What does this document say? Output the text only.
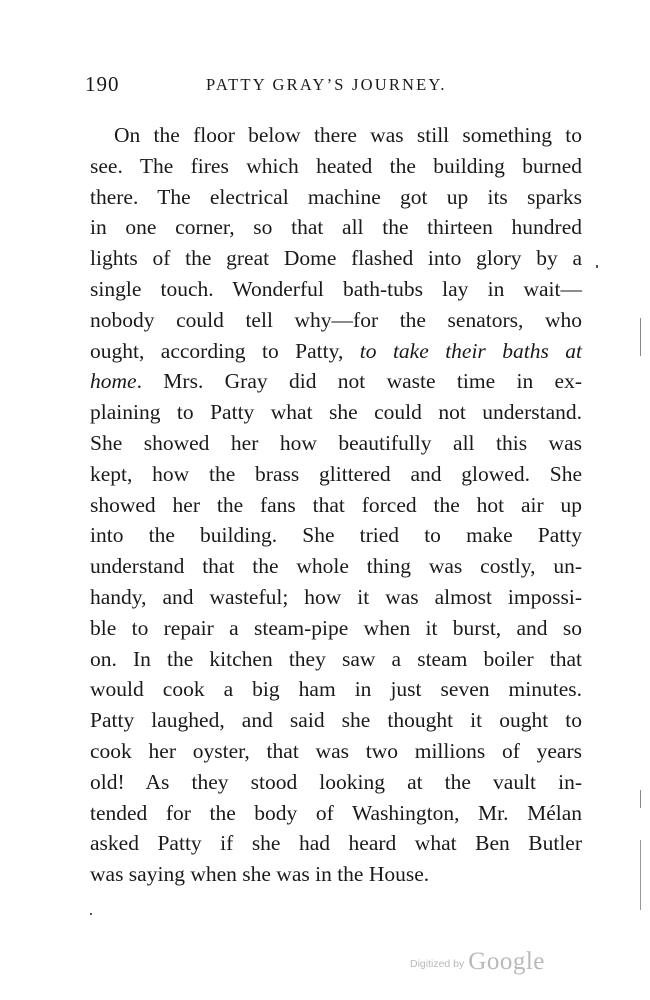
190	PATTY GRAY’S JOURNEY.
On the floor below there was still something to
see. The fires which heated the building burned
there. The electrical machine got up its sparks
in one corner, so that all the thirteen hundred
lights of the great Dome flashed into glory by a
single touch. Wonderful bath-tubs lay in wait—
nobody could tell why—for the senators, who
ought, according to Patty, to take their baths at
home. Mrs. Gray did not waste time in ex-
plaining to Patty what she could not understand.
She showed her how beautifully all this was
kept, how the brass glittered and glowed. She
showed her the fans that forced the hot air up
into the building. She tried to make Patty
understand that the whole thing was costly, un-
handy, and wasteful; how it was almost impossi-
ble to repair a steam-pipe when it burst, and so
on. In the kitchen they saw a steam boiler that
would cook a big ham in just seven minutes.
Patty laughed, and said she thought it ought to
cook her oyster, that was two millions of years
old! As they stood looking at the vault in-
tended for the body of Washington, Mr. Mélan
asked Patty if she had heard what Ben Butler
was saying when she was in the House.
Digitized by Google
